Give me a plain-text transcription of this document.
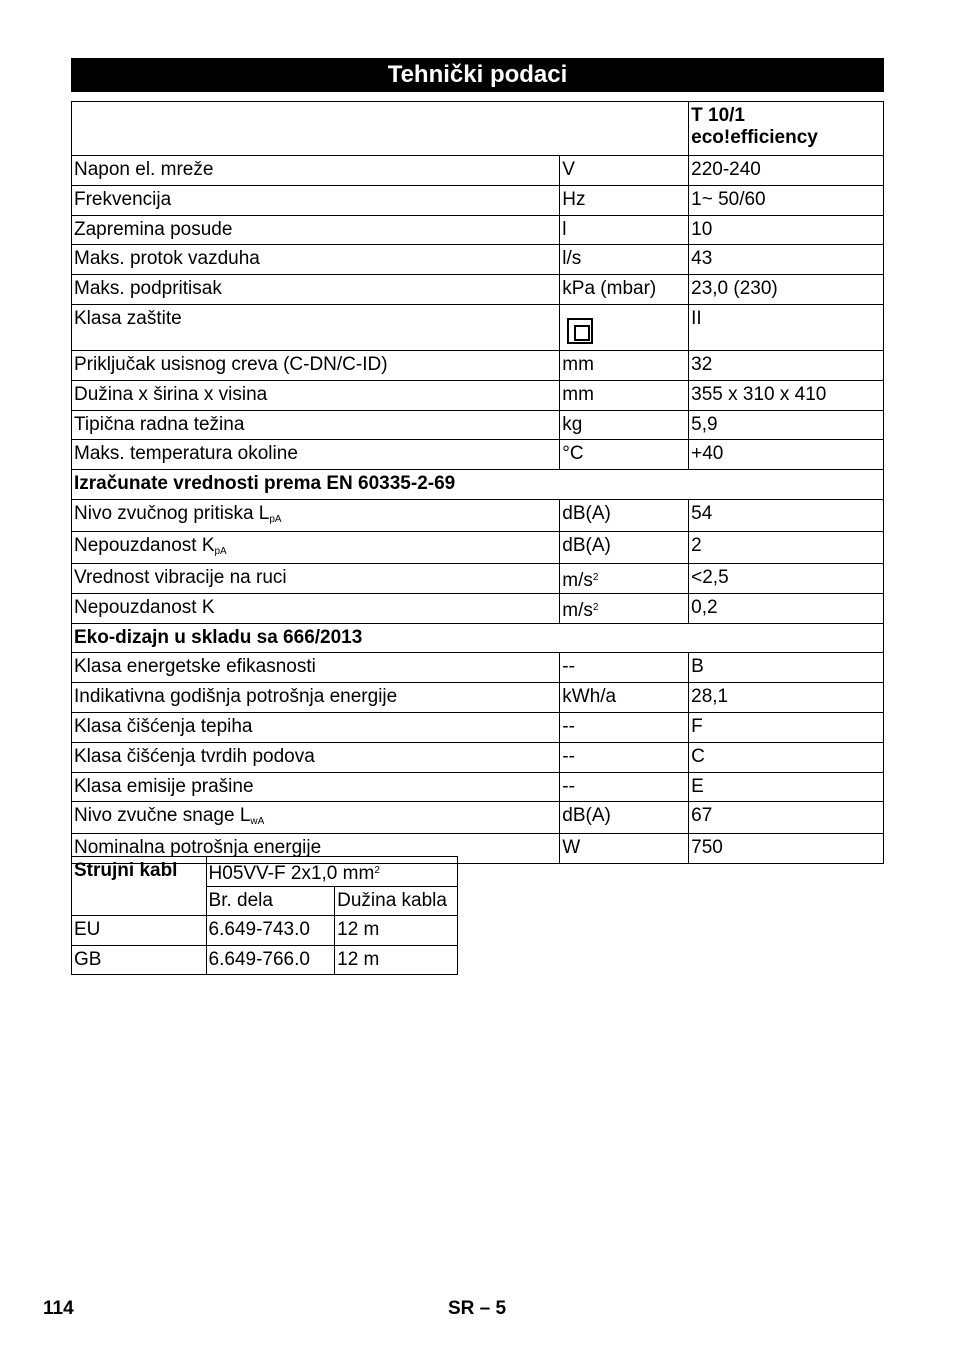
Tehnički podaci
		T 10/1
eco!efficiency
Napon el. mreže	V	220-240
Frekvencija	Hz	1~ 50/60
Zapremina posude	l	10
Maks. protok vazduha	l/s	43
Maks. podpritisak	kPa (mbar)	23,0 (230)
Klasa zaštite		II
Priključak usisnog creva (C-DN/C-ID)	mm	32
Dužina x širina x visina	mm	355 x 310 x 410
Tipična radna težina	kg	5,9
Maks. temperatura okoline	°C	+40
Izračunate vrednosti prema EN 60335-2-69		
Nivo zvučnog pritiska $L_{pA}$	dB(A)	54
Nepouzdanost $K_{pA}$	dB(A)	2
Vrednost vibracije na ruci	$m/s^2$	<2,5
Nepouzdanost K	$m/s^2$	0,2
Eko-dizajn u skladu sa 666/2013		
Klasa energetske efikasnosti	--	B
Indikativna godišnja potrošnja energije	kWh/a	28,1
Klasa čišćenja tepiha	--	F
Klasa čišćenja tvrdih podova	--	C
Klasa emisije prašine	--	E
Nivo zvučne snage $L_{wA}$	dB(A)	67
Nominalna potrošnja energije	W	750
Strujni kabl	H05VV-F 2x1,0 $mm^2$
	Br. dela	Dužina kabla
EU	6.649-743.0	12 m
GB	6.649-766.0	12 m
114	SR – 5
